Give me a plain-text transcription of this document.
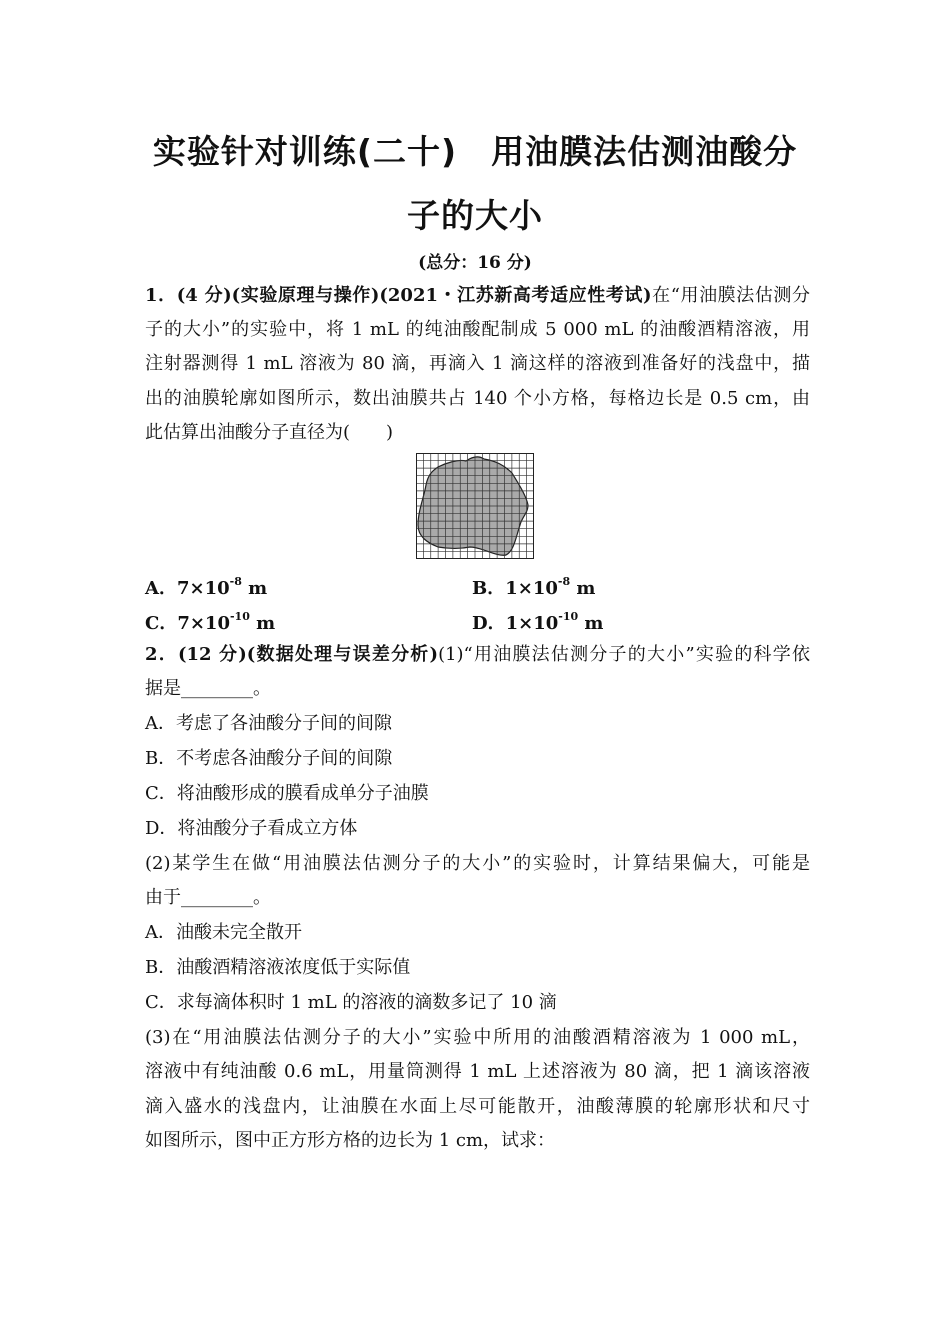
实验针对训练(二十)　用油膜法估测油酸分
子的大小
(总分：16 分)
1．(4 分)(实验原理与操作)(2021・江苏新高考适应性考试)在“用油膜法估测分
子的大小”的实验中，将 1 mL 的纯油酸配制成 5 000 mL 的油酸酒精溶液，用
注射器测得 1 mL 溶液为 80 滴，再滴入 1 滴这样的溶液到准备好的浅盘中，描
出的油膜轮廓如图所示，数出油膜共占 140 个小方格，每格边长是 0.5 cm，由
此估算出油酸分子直径为(　　)
A．$7\times 10^{-8}$ m	B．$1\times 10^{-8}$ m
C．$7\times 10^{-10}$ m	D．$1\times 10^{-10}$ m
2．(12 分)(数据处理与误差分析)(1)“用油膜法估测分子的大小”实验的科学依
据是________。
A．考虑了各油酸分子间的间隙
B．不考虑各油酸分子间的间隙
C．将油酸形成的膜看成单分子油膜
D．将油酸分子看成立方体
(2)某学生在做“用油膜法估测分子的大小”的实验时，计算结果偏大，可能是
由于________。
A．油酸未完全散开
B．油酸酒精溶液浓度低于实际值
C．求每滴体积时 1 mL 的溶液的滴数多记了 10 滴
(3)在“用油膜法估测分子的大小”实验中所用的油酸酒精溶液为 1 000 mL，
溶液中有纯油酸 0.6 mL，用量筒测得 1 mL 上述溶液为 80 滴，把 1 滴该溶液
滴入盛水的浅盘内，让油膜在水面上尽可能散开，油酸薄膜的轮廓形状和尺寸
如图所示，图中正方形方格的边长为 1 cm，试求：
